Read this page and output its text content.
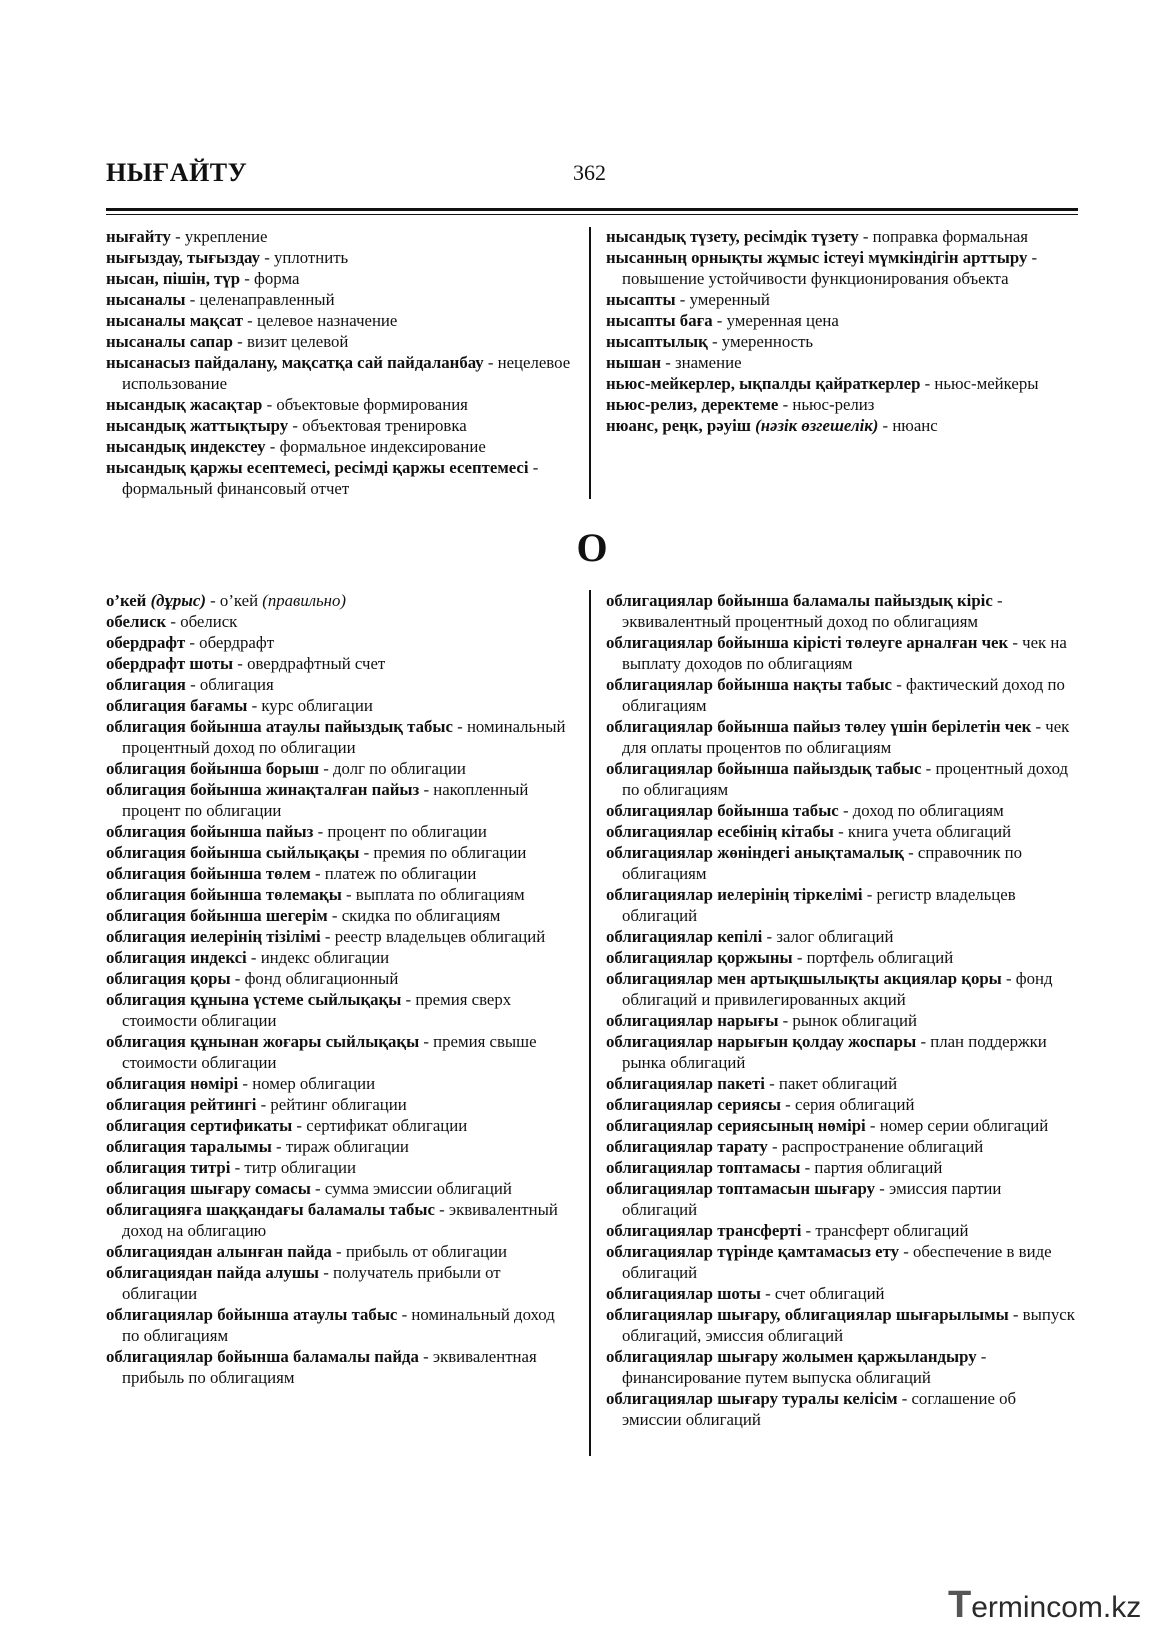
НЫҒАЙТУ	362
нығайту - укрепление
нығыздау, тығыздау - уплотнить
нысан, пішін, түр - форма
нысаналы - целенаправленный
нысаналы мақсат - целевое назначение
нысаналы сапар - визит целевой
нысанасыз пайдалану, мақсатқа сай пайдаланбау - нецелевое использование
нысандық жасақтар - объектовые формирования
нысандық жаттықтыру - объектовая тренировка
нысандық индекстеу - формальное индексирование
нысандық қаржы есептемесі, ресімді қаржы есептемесі - формальный финансовый отчет
нысандық түзету, ресімдік түзету - поправка формальная
нысанның орнықты жұмыс істеуі мүмкіндігін арттыру - повышение устойчивости функционирования объекта
нысапты - умеренный
нысапты баға - умеренная цена
нысаптылық - умеренность
нышан - знамение
ньюс-мейкерлер, ықпалды қайраткерлер - ньюс-мейкеры
ньюс-релиз, деректеме - ньюс-релиз
нюанс, реңк, рәуіш (нәзік өзгешелік) - нюанс
О
о’кей (дұрыс) - о’кей (правильно)
обелиск - обелиск
обердрафт - обердрафт
обердрафт шоты - овердрафтный счет
облигация - облигация
облигация бағамы - курс облигации
облигация бойынша атаулы пайыздық табыс - номинальный процентный доход по облигации
облигация бойынша борыш - долг по облигации
облигация бойынша жинақталған пайыз - накопленный процент по облигации
облигация бойынша пайыз - процент по облигации
облигация бойынша сыйлықақы - премия по облигации
облигация бойынша төлем - платеж по облигации
облигация бойынша төлемақы - выплата по облигациям
облигация бойынша шегерім - скидка по облигациям
облигация иелерінің тізілімі - реестр владельцев облигаций
облигация индексі - индекс облигации
облигация қоры - фонд облигационный
облигация құнына үстеме сыйлықақы - премия сверх стоимости облигации
облигация құнынан жоғары сыйлықақы - премия свыше стоимости облигации
облигация нөмірі - номер облигации
облигация рейтингі - рейтинг облигации
облигация сертификаты - сертификат облигации
облигация таралымы - тираж облигации
облигация титрі - титр облигации
облигация шығару сомасы - сумма эмиссии облигаций
облигацияға шаққандағы баламалы табыс - эквивалентный доход на облигацию
облигациядан алынған пайда - прибыль от облигации
облигациядан пайда алушы - получатель прибыли от облигации
облигациялар бойынша атаулы табыс - номинальный доход по облигациям
облигациялар бойынша баламалы пайда - эквивалентная прибыль по облигациям
облигациялар бойынша баламалы пайыздық кіріс - эквивалентный процентный доход по облигациям
облигациялар бойынша кірісті төлеуге арналған чек - чек на выплату доходов по облигациям
облигациялар бойынша нақты табыс - фактический доход по облигациям
облигациялар бойынша пайыз төлеу үшін берілетін чек - чек для оплаты процентов по облигациям
облигациялар бойынша пайыздық табыс - процентный доход по облигациям
облигациялар бойынша табыс - доход по облигациям
облигациялар есебінің кітабы - книга учета облигаций
облигациялар жөніндегі анықтамалық - справочник по облигациям
облигациялар иелерінің тіркелімі - регистр владельцев облигаций
облигациялар кепілі - залог облигаций
облигациялар қоржыны - портфель облигаций
облигациялар мен артықшылықты акциялар қоры - фонд облигаций и привилегированных акций
облигациялар нарығы - рынок облигаций
облигациялар нарығын қолдау жоспары - план поддержки рынка облигаций
облигациялар пакеті - пакет облигаций
облигациялар сериясы - серия облигаций
облигациялар сериясының нөмірі - номер серии облигаций
облигациялар тарату - распространение облигаций
облигациялар топтамасы - партия облигаций
облигациялар топтамасын шығару - эмиссия партии облигаций
облигациялар трансферті - трансферт облигаций
облигациялар түрінде қамтамасыз ету - обеспечение в виде облигаций
облигациялар шоты - счет облигаций
облигациялар шығару, облигациялар шығарылымы - выпуск облигаций, эмиссия облигаций
облигациялар шығару жолымен қаржыландыру - финансирование путем выпуска облигаций
облигациялар шығару туралы келісім - соглашение об эмиссии облигаций
Termincom.kz
